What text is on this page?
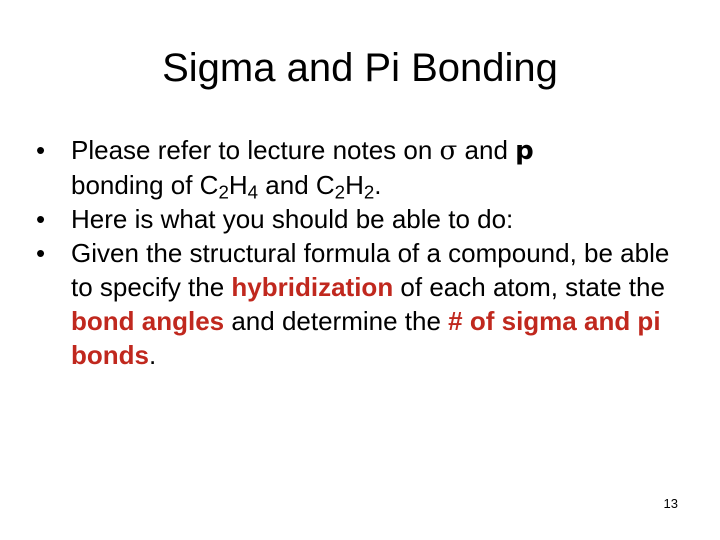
Sigma and Pi Bonding
• Please refer to lecture notes on σ and p
bonding of $C_2H_4$ and $C_2H_2$.
• Here is what you should be able to do:
• Given the structural formula of a compound, be able to specify the hybridization of each atom, state the bond angles and determine the # of sigma and pi bonds.
13
